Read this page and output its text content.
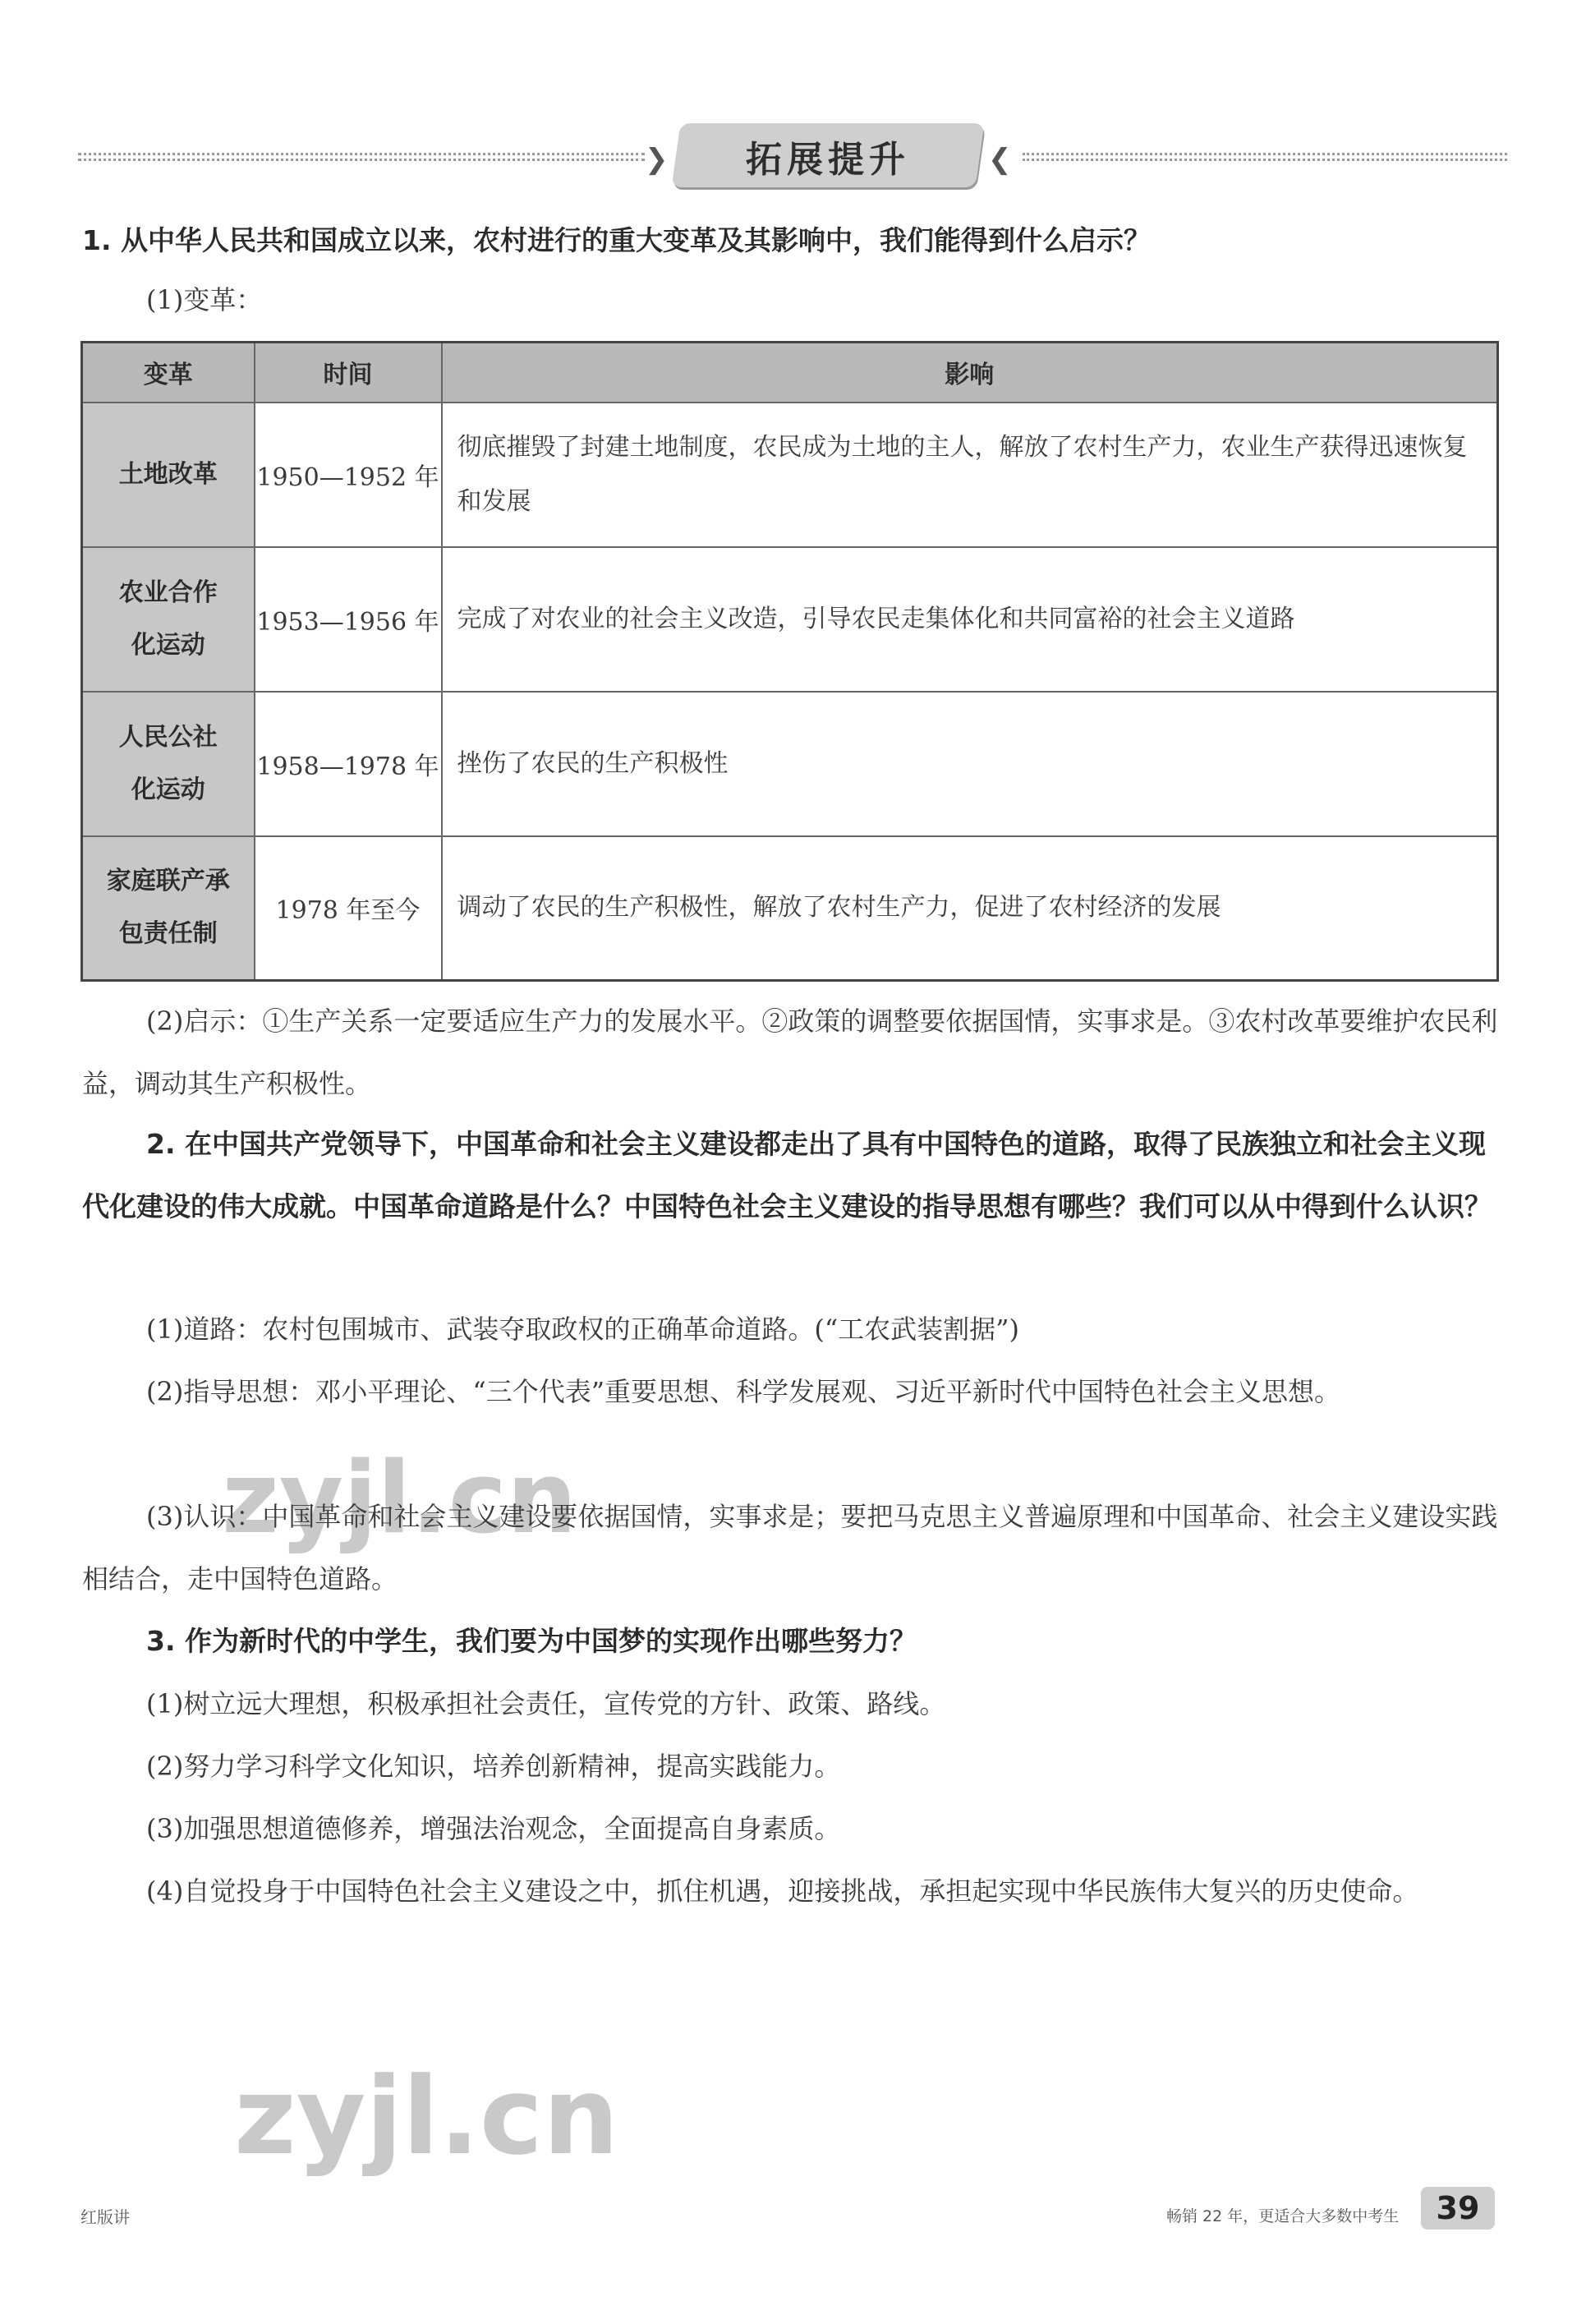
❯	拓展提升	❮
1. 从中华人民共和国成立以来，农村进行的重大变革及其影响中，我们能得到什么启示？
(1)变革：
变革	时间	影响
土地改革	1950—1952 年	彻底摧毁了封建土地制度，农民成为土地的主人，解放了农村生产力，农业生产获得迅速恢复和发展

农业合作
化运动	1953—1956 年	完成了对农业的社会主义改造，引导农民走集体化和共同富裕的社会主义道路

人民公社
化运动	1958—1978 年	挫伤了农民的生产积极性

家庭联产承
包责任制	1978 年至今	调动了农民的生产积极性，解放了农村生产力，促进了农村经济的发展
(2)启示：①生产关系一定要适应生产力的发展水平。②政策的调整要依据国情，实事求是。③农村改革要维护农民利益，调动其生产积极性。
2. 在中国共产党领导下，中国革命和社会主义建设都走出了具有中国特色的道路，取得了民族独立和社会主义现代化建设的伟大成就。中国革命道路是什么？中国特色社会主义建设的指导思想有哪些？我们可以从中得到什么认识？
(1)道路：农村包围城市、武装夺取政权的正确革命道路。(“工农武装割据”)
(2)指导思想：邓小平理论、“三个代表”重要思想、科学发展观、习近平新时代中国特色社会主义思想。
(3)认识：中国革命和社会主义建设要依据国情，实事求是；要把马克思主义普遍原理和中国革命、社会主义建设实践相结合，走中国特色道路。
3. 作为新时代的中学生，我们要为中国梦的实现作出哪些努力？
(1)树立远大理想，积极承担社会责任，宣传党的方针、政策、路线。
(2)努力学习科学文化知识，培养创新精神，提高实践能力。
(3)加强思想道德修养，增强法治观念，全面提高自身素质。
(4)自觉投身于中国特色社会主义建设之中，抓住机遇，迎接挑战，承担起实现中华民族伟大复兴的历史使命。
zyjl.cn
zyjl.cn
红版讲	畅销 22 年，更适合大多数中考生	39
